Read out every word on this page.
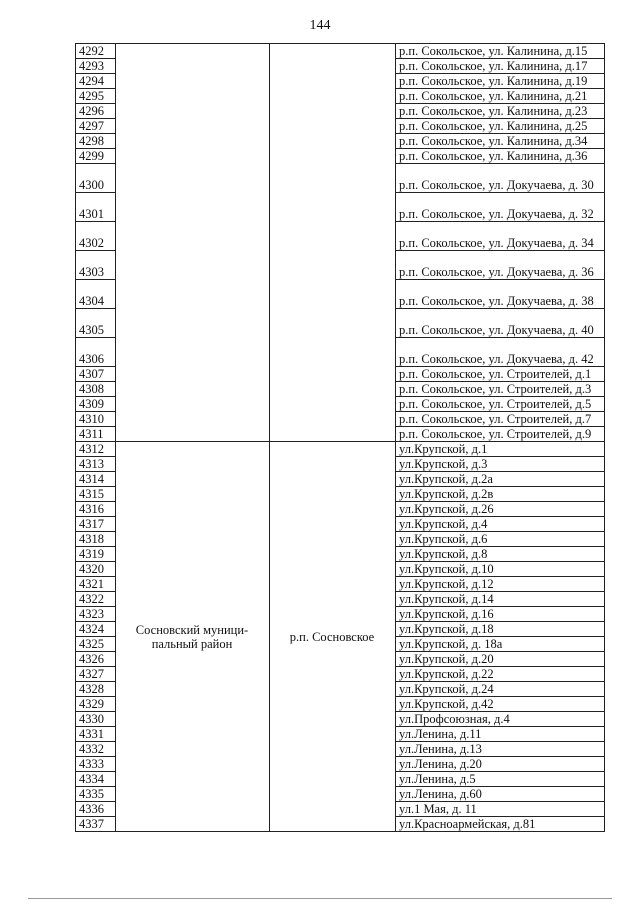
144
4292			р.п. Сокольское, ул. Калинина, д.15
4293			р.п. Сокольское, ул. Калинина, д.17
4294			р.п. Сокольское, ул. Калинина, д.19
4295			р.п. Сокольское, ул. Калинина, д.21
4296			р.п. Сокольское, ул. Калинина, д.23
4297			р.п. Сокольское, ул. Калинина, д.25
4298			р.п. Сокольское, ул. Калинина, д.34
4299			р.п. Сокольское, ул. Калинина, д.36
4300			р.п. Сокольское, ул. Докучаева, д. 30
4301			р.п. Сокольское, ул. Докучаева, д. 32
4302			р.п. Сокольское, ул. Докучаева, д. 34
4303			р.п. Сокольское, ул. Докучаева, д. 36
4304			р.п. Сокольское, ул. Докучаева, д. 38
4305			р.п. Сокольское, ул. Докучаева, д. 40
4306			р.п. Сокольское, ул. Докучаева, д. 42
4307			р.п. Сокольское, ул. Строителей, д.1
4308			р.п. Сокольское, ул. Строителей, д.3
4309			р.п. Сокольское, ул. Строителей, д.5
4310			р.п. Сокольское, ул. Строителей, д.7
4311			р.п. Сокольское, ул. Строителей, д.9
4312	Сосновский муници-пальный район	р.п. Сосновское	ул.Крупской, д.1
4313			ул.Крупской, д.3
4314			ул.Крупской, д.2а
4315			ул.Крупской, д.2в
4316			ул.Крупской, д.26
4317			ул.Крупской, д.4
4318			ул.Крупской, д.6
4319			ул.Крупской, д.8
4320			ул.Крупской, д.10
4321			ул.Крупской, д.12
4322			ул.Крупской, д.14
4323			ул.Крупской, д.16
4324			ул.Крупской, д.18
4325			ул.Крупской, д. 18а
4326			ул.Крупской, д.20
4327			ул.Крупской, д.22
4328			ул.Крупской, д.24
4329			ул.Крупской, д.42
4330			ул.Профсоюзная, д.4
4331			ул.Ленина, д.11
4332			ул.Ленина, д.13
4333			ул.Ленина, д.20
4334			ул.Ленина, д.5
4335			ул.Ленина, д.60
4336			ул.1 Мая, д. 11
4337			ул.Красноармейская, д.81
